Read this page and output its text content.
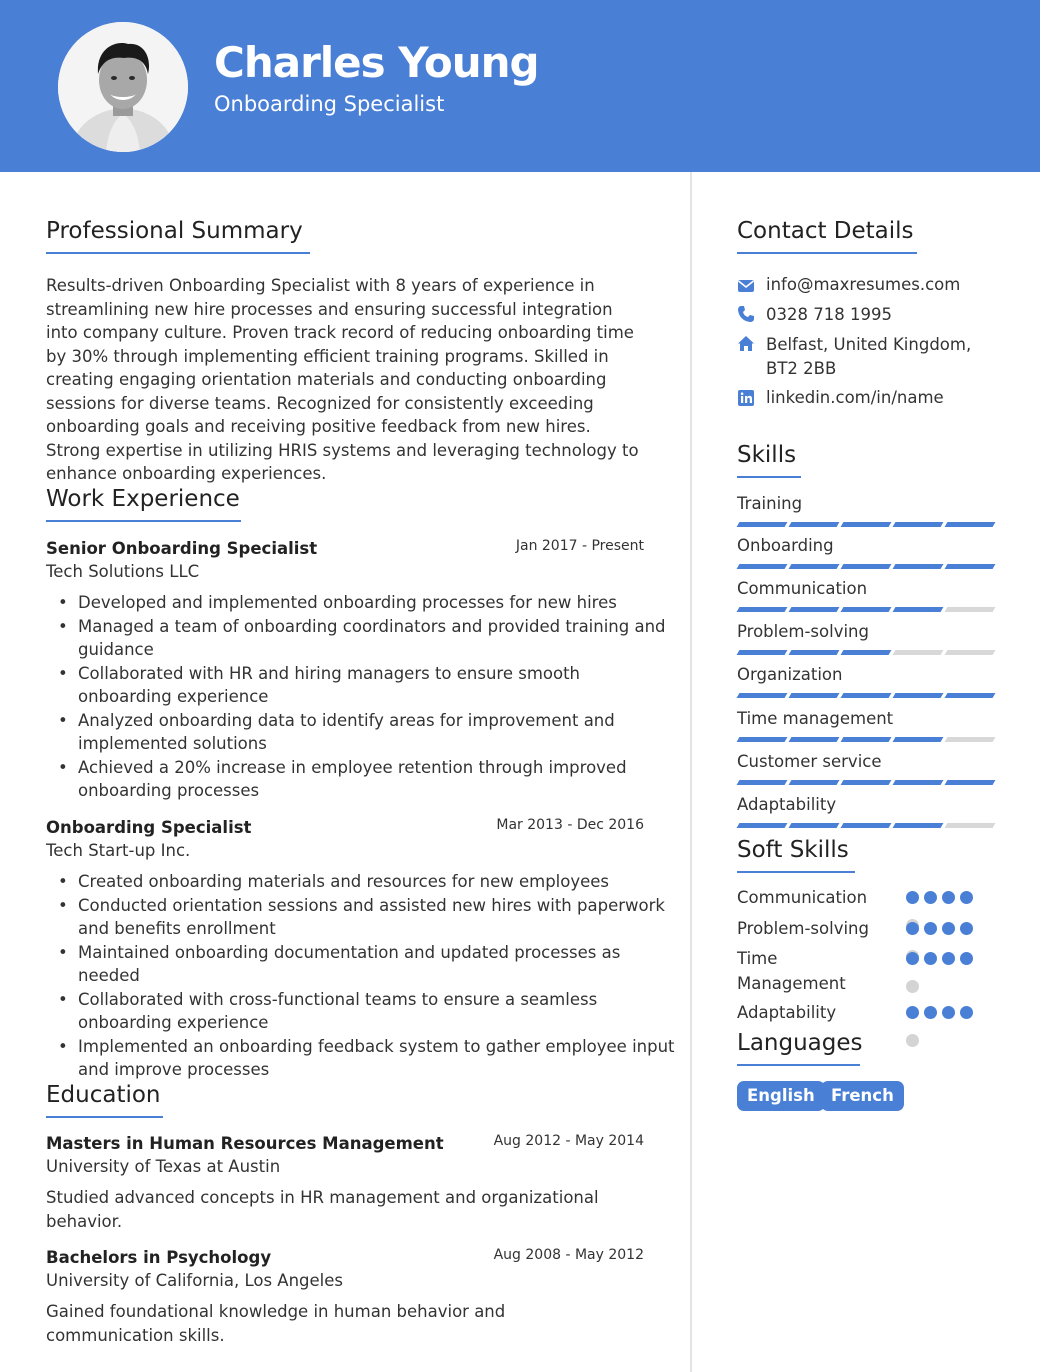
Charles Young
Onboarding Specialist
Professional Summary
Results-driven Onboarding Specialist with 8 years of experience in streamlining new hire processes and ensuring successful integration into company culture. Proven track record of reducing onboarding time by 30% through implementing efficient training programs. Skilled in creating engaging orientation materials and conducting onboarding sessions for diverse teams. Recognized for consistently exceeding onboarding goals and receiving positive feedback from new hires. Strong expertise in utilizing HRIS systems and leveraging technology to enhance onboarding experiences.
Work Experience
Senior Onboarding Specialist	Jan 2017 - Present
Tech Solutions LLC
• Developed and implemented onboarding processes for new hires
• Managed a team of onboarding coordinators and provided training and guidance
• Collaborated with HR and hiring managers to ensure smooth onboarding experience
• Analyzed onboarding data to identify areas for improvement and implemented solutions
• Achieved a 20% increase in employee retention through improved onboarding processes
Onboarding Specialist	Mar 2013 - Dec 2016
Tech Start-up Inc.
• Created onboarding materials and resources for new employees
• Conducted orientation sessions and assisted new hires with paperwork and benefits enrollment
• Maintained onboarding documentation and updated processes as needed
• Collaborated with cross-functional teams to ensure a seamless onboarding experience
• Implemented an onboarding feedback system to gather employee input and improve processes
Education
Masters in Human Resources Management	Aug 2012 - May 2014
University of Texas at Austin
Studied advanced concepts in HR management and organizational behavior.
Bachelors in Psychology	Aug 2008 - May 2012
University of California, Los Angeles
Gained foundational knowledge in human behavior and communication skills.
Contact Details
info@maxresumes.com
0328 718 1995
Belfast, United Kingdom, BT2 2BB
linkedin.com/in/name
Skills
Training
Onboarding
Communication
Problem-solving
Organization
Time management
Customer service
Adaptability
Soft Skills
Communication
Problem-solving
Time Management
Adaptability
Languages
English French
